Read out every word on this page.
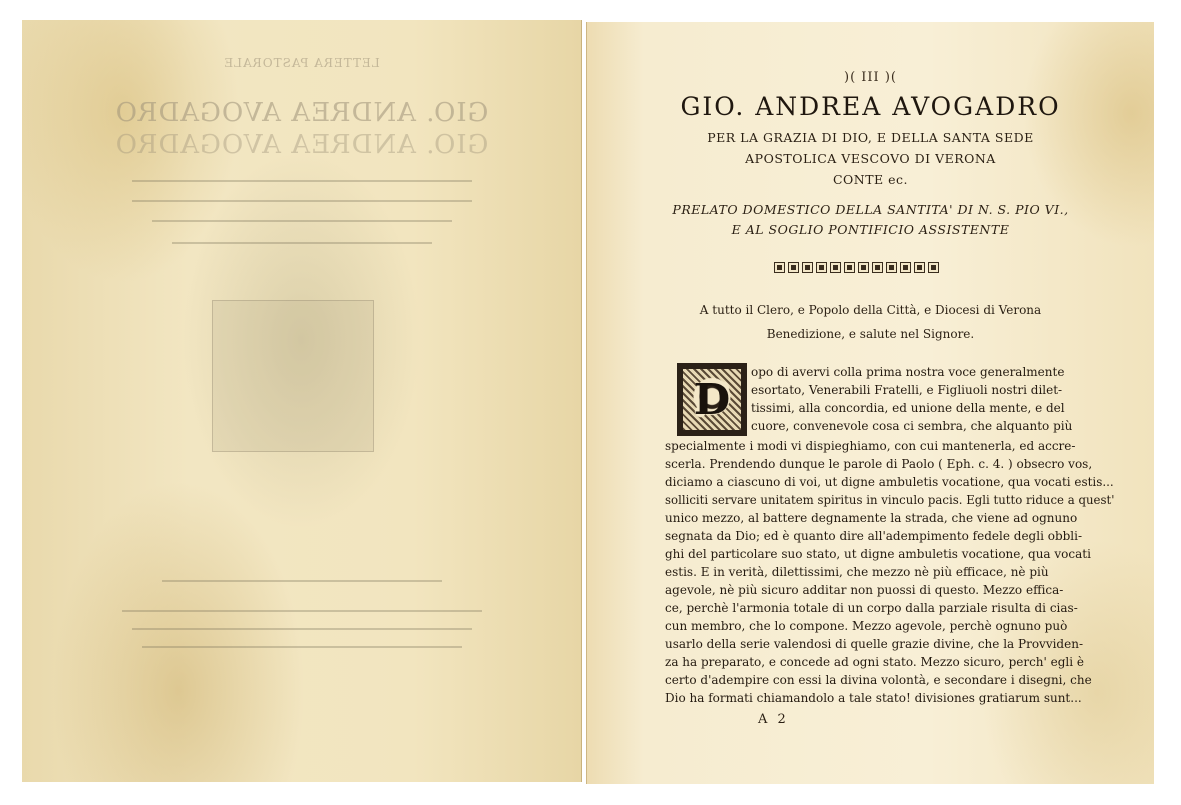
LETTERA PASTORALE
GIO. ANDREA AVOGADRO
GIO. ANDREA AVOGADRO
)( III )(
GIO. ANDREA AVOGADRO
PER LA GRAZIA DI DIO, E DELLA SANTA SEDE
APOSTOLICA VESCOVO DI VERONA
CONTE ec.
PRELATO DOMESTICO DELLA SANTITA' DI N. S. PIO VI.,
E AL SOGLIO PONTIFICIO ASSISTENTE
A tutto il Clero, e Popolo della Città, e Diocesi di Verona
Benedizione, e salute nel Signore.
D
opo di avervi colla prima nostra voce generalmente
esortato, Venerabili Fratelli, e Figliuoli nostri dilet-
tissimi, alla concordia, ed unione della mente, e del
cuore, convenevole cosa ci sembra, che alquanto più
specialmente i modi vi dispieghiamo, con cui mantenerla, ed accre-
scerla. Prendendo dunque le parole di Paolo ( Eph. c. 4. ) obsecro vos,
diciamo a ciascuno di voi, ut digne ambuletis vocatione, qua vocati estis...
solliciti servare unitatem spiritus in vinculo pacis. Egli tutto riduce a quest'
unico mezzo, al battere degnamente la strada, che viene ad ognuno
segnata da Dio; ed è quanto dire all'adempimento fedele degli obbli-
ghi del particolare suo stato, ut digne ambuletis vocatione, qua vocati
estis. E in verità, dilettissimi, che mezzo nè più efficace, nè più
agevole, nè più sicuro additar non puossi di questo. Mezzo effica-
ce, perchè l'armonia totale di un corpo dalla parziale risulta di cias-
cun membro, che lo compone. Mezzo agevole, perchè ognuno può
usarlo della serie valendosi di quelle grazie divine, che la Provviden-
za ha preparato, e concede ad ogni stato. Mezzo sicuro, perch' egli è
certo d'adempire con essi la divina volontà, e secondare i disegni, che
Dio ha formati chiamandolo a tale stato! divisiones gratiarum sunt...
A 2
